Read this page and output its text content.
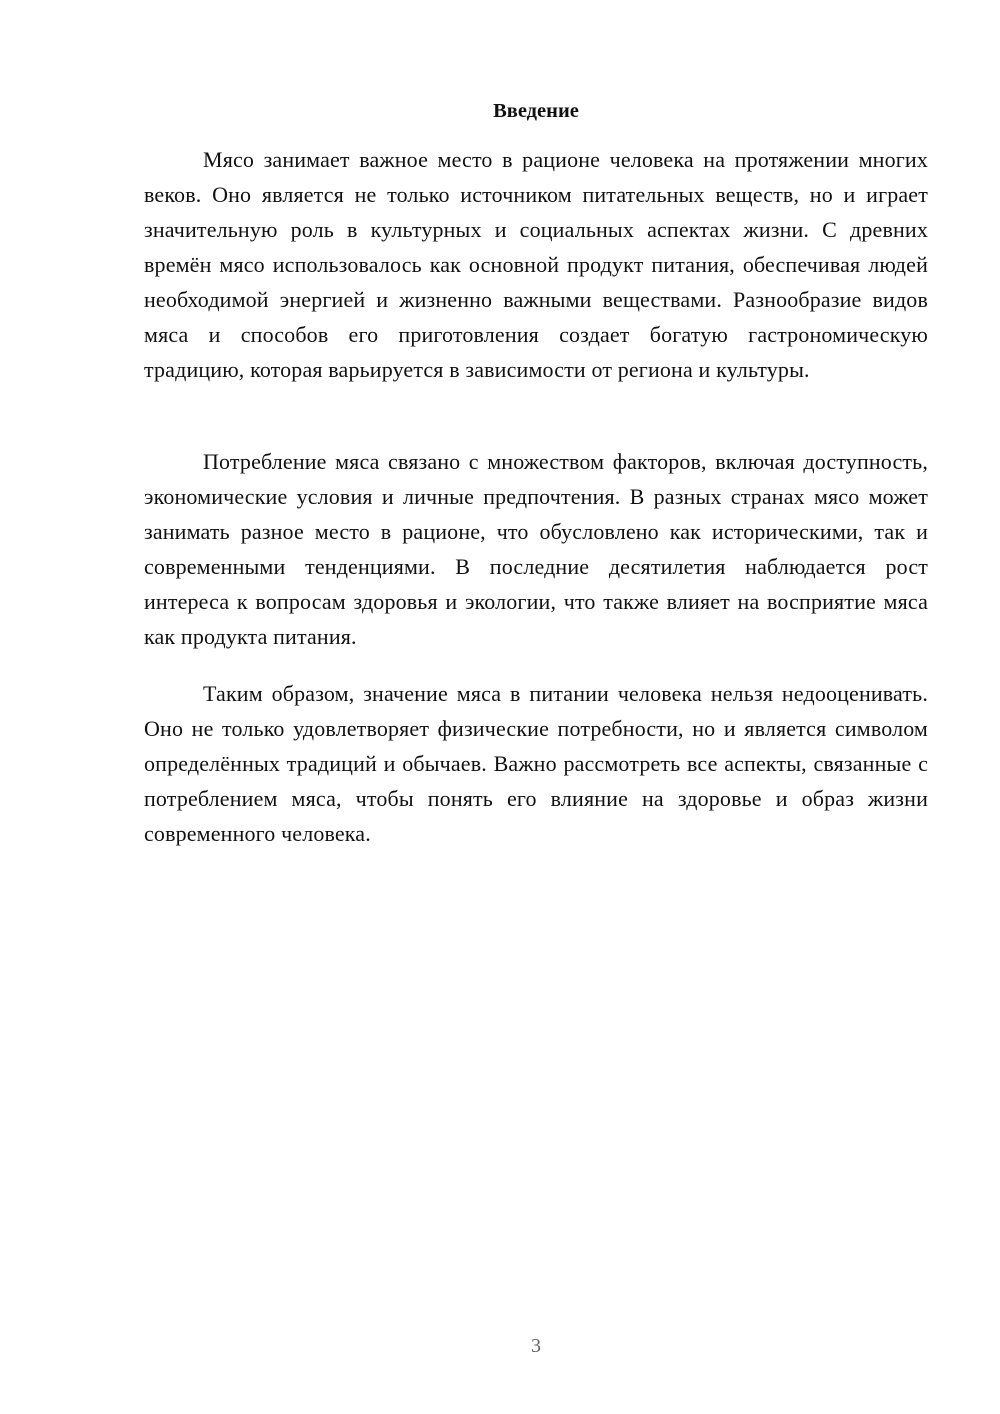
Введение

Мясо занимает важное место в рационе человека на протяжении многих веков. Оно является не только источником питательных веществ, но и играет значительную роль в культурных и социальных аспектах жизни. С древних времён мясо использовалось как основной продукт питания, обеспечивая людей необходимой энергией и жизненно важными веществами. Разнообразие видов мяса и способов его приготовления создает богатую гастрономическую традицию, которая варьируется в зависимости от региона и культуры.

Потребление мяса связано с множеством факторов, включая доступность, экономические условия и личные предпочтения. В разных странах мясо может занимать разное место в рационе, что обусловлено как историческими, так и современными тенденциями. В последние десятилетия наблюдается рост интереса к вопросам здоровья и экологии, что также влияет на восприятие мяса как продукта питания.

Таким образом, значение мяса в питании человека нельзя недооценивать. Оно не только удовлетворяет физические потребности, но и является символом определённых традиций и обычаев. Важно рассмотреть все аспекты, связанные с потреблением мяса, чтобы понять его влияние на здоровье и образ жизни современного человека.

3
